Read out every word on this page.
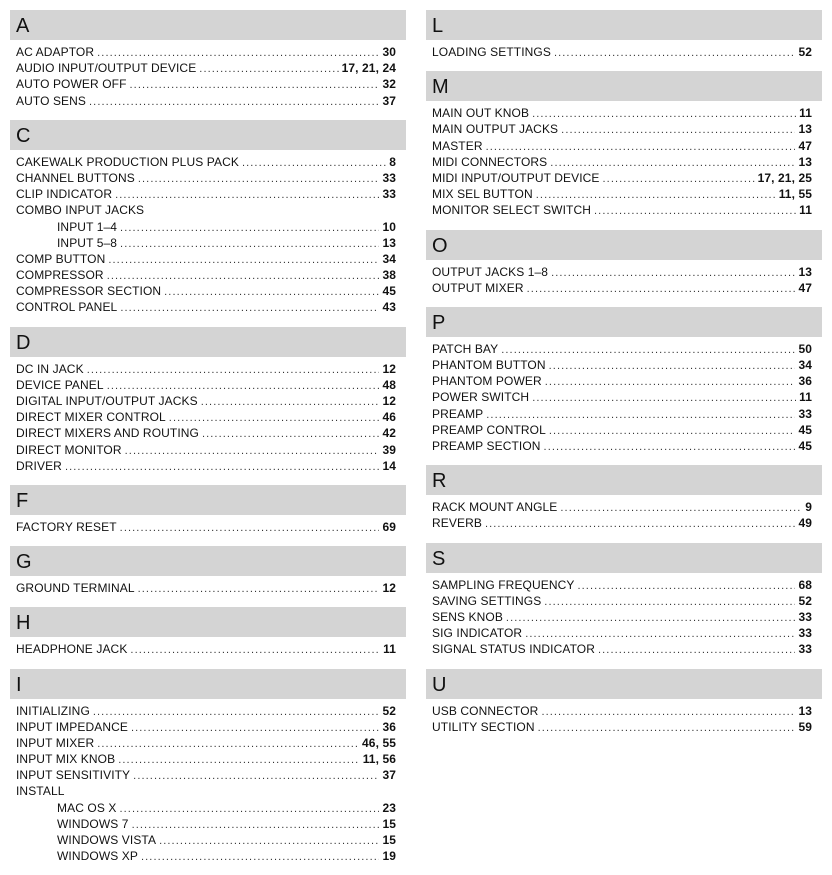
A
AC ADAPTOR .....	30
AUDIO INPUT/OUTPUT DEVICE .....	17, 21, 24
AUTO POWER OFF .....	32
AUTO SENS .....	37
C
CAKEWALK PRODUCTION PLUS PACK .....	8
CHANNEL BUTTONS .....	33
CLIP INDICATOR .....	33
COMBO INPUT JACKS
INPUT 1–4 .....	10
INPUT 5–8 .....	13
COMP BUTTON .....	34
COMPRESSOR .....	38
COMPRESSOR SECTION .....	45
CONTROL PANEL .....	43
D
DC IN JACK .....	12
DEVICE PANEL .....	48
DIGITAL INPUT/OUTPUT JACKS .....	12
DIRECT MIXER CONTROL .....	46
DIRECT MIXERS AND ROUTING .....	42
DIRECT MONITOR .....	39
DRIVER .....	14
F
FACTORY RESET .....	69
G
GROUND TERMINAL .....	12
H
HEADPHONE JACK .....	11
I
INITIALIZING .....	52
INPUT IMPEDANCE .....	36
INPUT MIXER .....	46, 55
INPUT MIX KNOB .....	11, 56
INPUT SENSITIVITY .....	37
INSTALL
MAC OS X .....	23
WINDOWS 7 .....	15
WINDOWS VISTA .....	15
WINDOWS XP .....	19
L
LOADING SETTINGS .....	52
M
MAIN OUT KNOB .....	11
MAIN OUTPUT JACKS .....	13
MASTER .....	47
MIDI CONNECTORS .....	13
MIDI INPUT/OUTPUT DEVICE .....	17, 21, 25
MIX SEL BUTTON .....	11, 55
MONITOR SELECT SWITCH .....	11
O
OUTPUT JACKS 1–8 .....	13
OUTPUT MIXER .....	47
P
PATCH BAY .....	50
PHANTOM BUTTON .....	34
PHANTOM POWER .....	36
POWER SWITCH .....	11
PREAMP .....	33
PREAMP CONTROL .....	45
PREAMP SECTION .....	45
R
RACK MOUNT ANGLE .....	9
REVERB .....	49
S
SAMPLING FREQUENCY .....	68
SAVING SETTINGS .....	52
SENS KNOB .....	33
SIG INDICATOR .....	33
SIGNAL STATUS INDICATOR .....	33
U
USB CONNECTOR .....	13
UTILITY SECTION .....	59
